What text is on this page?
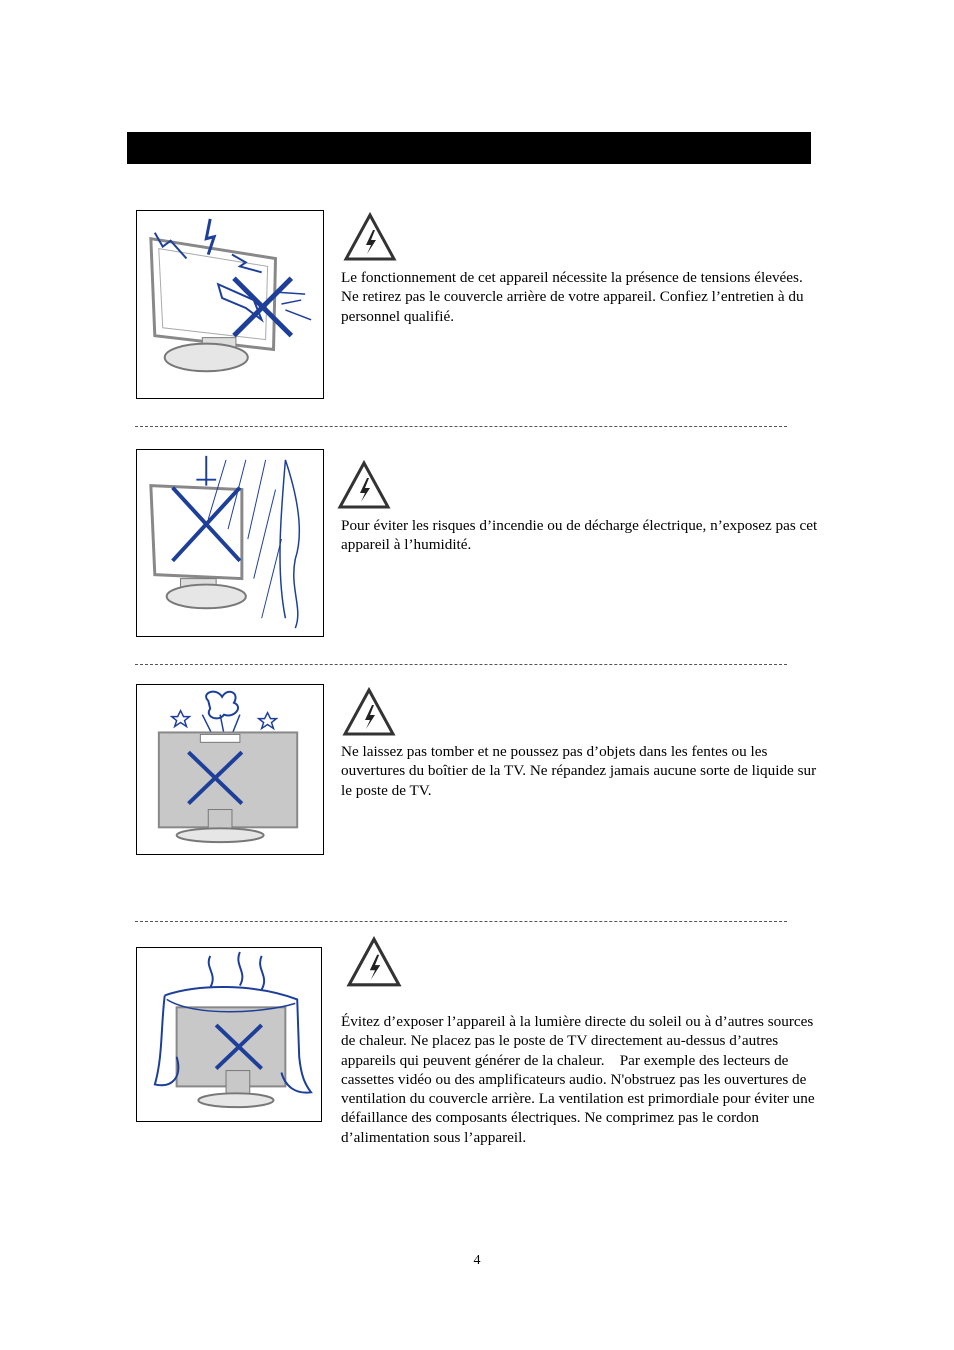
Le fonctionnement de cet appareil nécessite la présence de tensions élevées. Ne retirez pas le couvercle arrière de votre appareil. Confiez l’entretien à du personnel qualifié.

Pour éviter les risques d’incendie ou de décharge électrique, n’exposez pas cet appareil à l’humidité.

Ne laissez pas tomber et ne poussez pas d’objets dans les fentes ou les ouvertures du boîtier de la TV. Ne répandez jamais aucune sorte de liquide sur le poste de TV.

Évitez d’exposer l’appareil à la lumière directe du soleil ou à d’autres sources de chaleur. Ne placez pas le poste de TV directement au-dessus d’autres appareils qui peuvent générer de la chaleur.    Par exemple des lecteurs de cassettes vidéo ou des amplificateurs audio. N'obstruez pas les ouvertures de ventilation du couvercle arrière. La ventilation est primordiale pour éviter une défaillance des composants électriques. Ne comprimez pas le cordon d’alimentation sous l’appareil.

4
